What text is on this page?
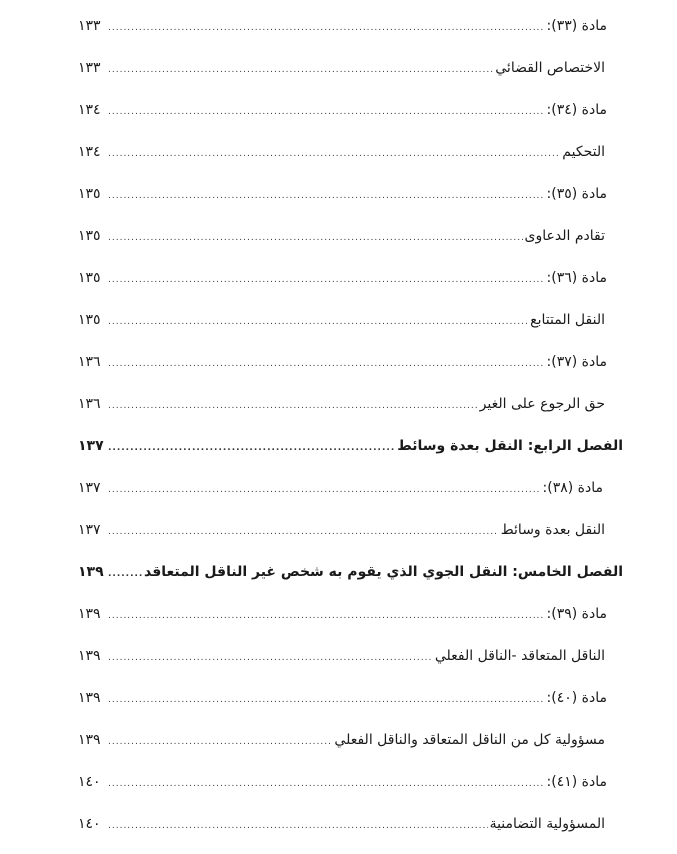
مادة (٣٣):
.....
١٣٣
الاختصاص القضائي
.....
١٣٣
مادة (٣٤):
.....
١٣٤
التحكيم
.....
١٣٤
مادة (٣٥):
.....
١٣٥
تقادم الدعاوى
.....
١٣٥
مادة (٣٦):
.....
١٣٥
النقل المتتابع
.....
١٣٥
مادة (٣٧):
.....
١٣٦
حق الرجوع على الغير
.....
١٣٦
الفصل الرابع: النقل بعدة وسائط
.....
١٣٧
مادة (٣٨):
.....
١٣٧
النقل بعدة وسائط
.....
١٣٧
الفصل الخامس: النقل الجوي الذي يقوم به شخص غير الناقل المتعاقد
.....
١٣٩
مادة (٣٩):
.....
١٣٩
الناقل المتعاقد -الناقل الفعلي
.....
١٣٩
مادة (٤٠):
.....
١٣٩
مسؤولية كل من الناقل المتعاقد والناقل الفعلي
.....
١٣٩
مادة (٤١):
.....
١٤٠
المسؤولية التضامنية
.....
١٤٠
